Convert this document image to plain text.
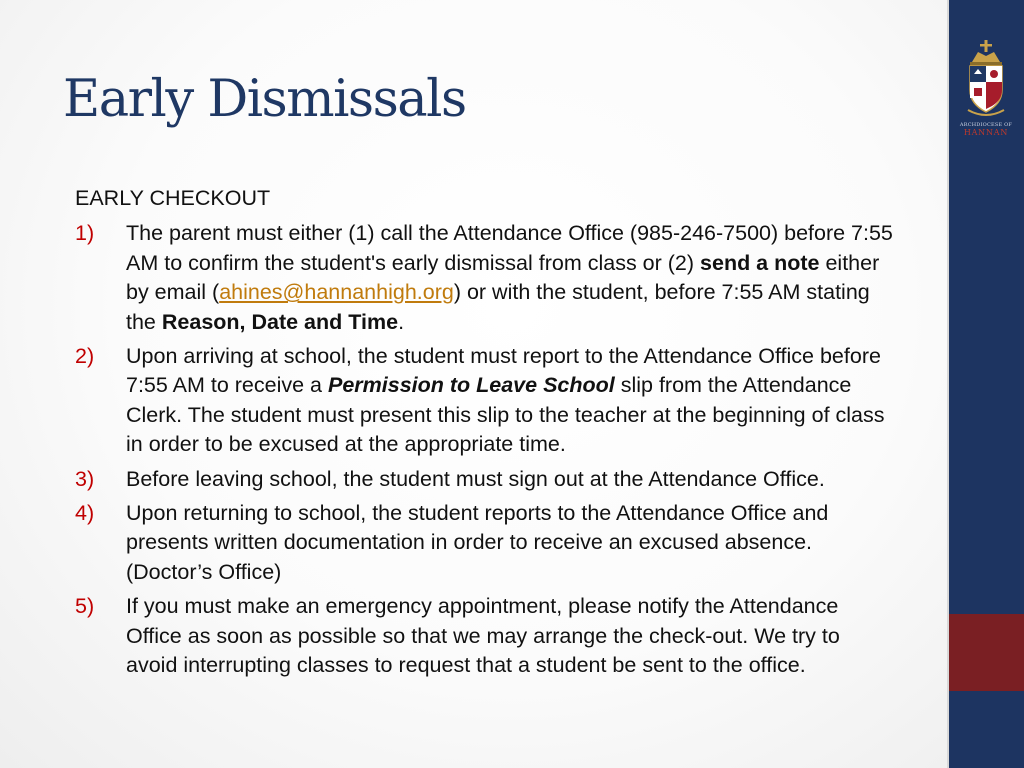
ARCHDIOCESE OF
HANNAN
Early Dismissals
EARLY CHECKOUT
1) The parent must either (1) call the Attendance Office (985-246-7500) before 7:55 AM to confirm the student's early dismissal from class or (2) send a note either by email (ahines@hannanhigh.org) or with the student, before 7:55 AM stating the Reason, Date and Time.
2) Upon arriving at school, the student must report to the Attendance Office before 7:55 AM to receive a Permission to Leave School slip from the Attendance Clerk. The student must present this slip to the teacher at the beginning of class in order to be excused at the appropriate time.
3) Before leaving school, the student must sign out at the Attendance Office.
4) Upon returning to school, the student reports to the Attendance Office and presents written documentation in order to receive an excused absence. (Doctor’s Office)
5) If you must make an emergency appointment, please notify the Attendance Office as soon as possible so that we may arrange the check-out. We try to avoid interrupting classes to request that a student be sent to the office.
